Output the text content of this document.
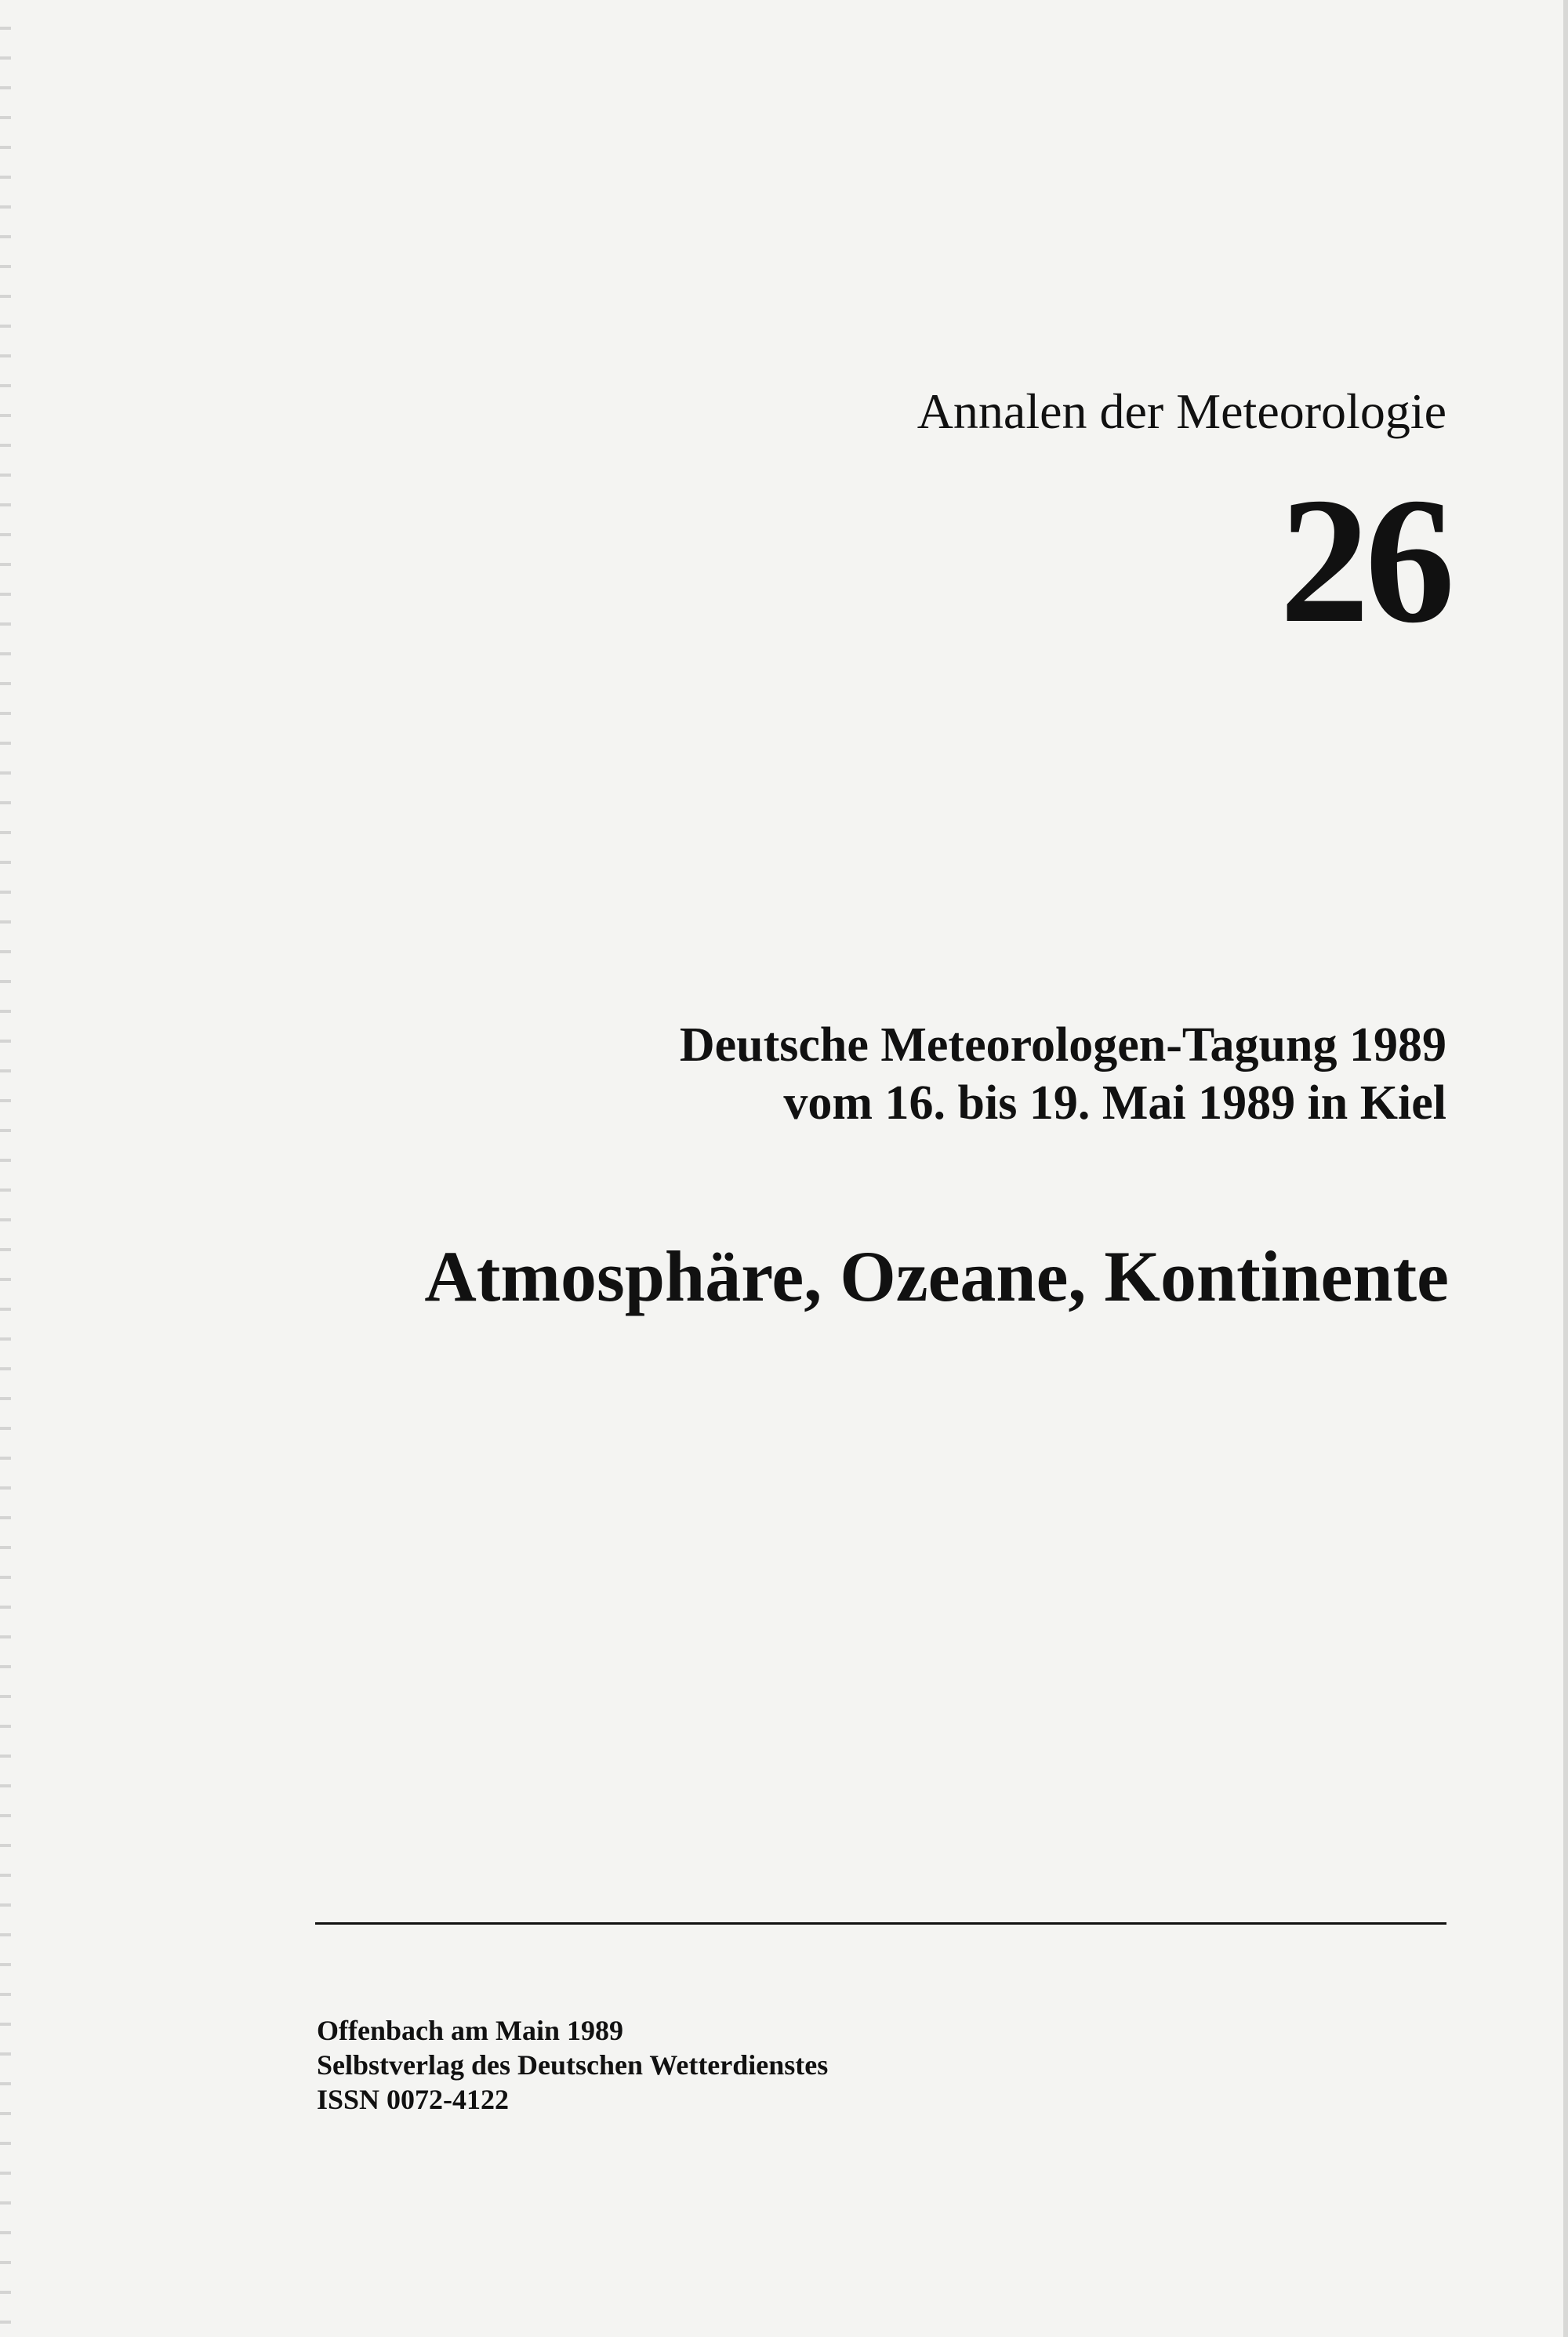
Annalen der Meteorologie
26
Deutsche Meteorologen-Tagung 1989
vom 16. bis 19. Mai 1989 in Kiel
Atmosphäre, Ozeane, Kontinente
Offenbach am Main 1989
Selbstverlag des Deutschen Wetterdienstes
ISSN 0072-4122
